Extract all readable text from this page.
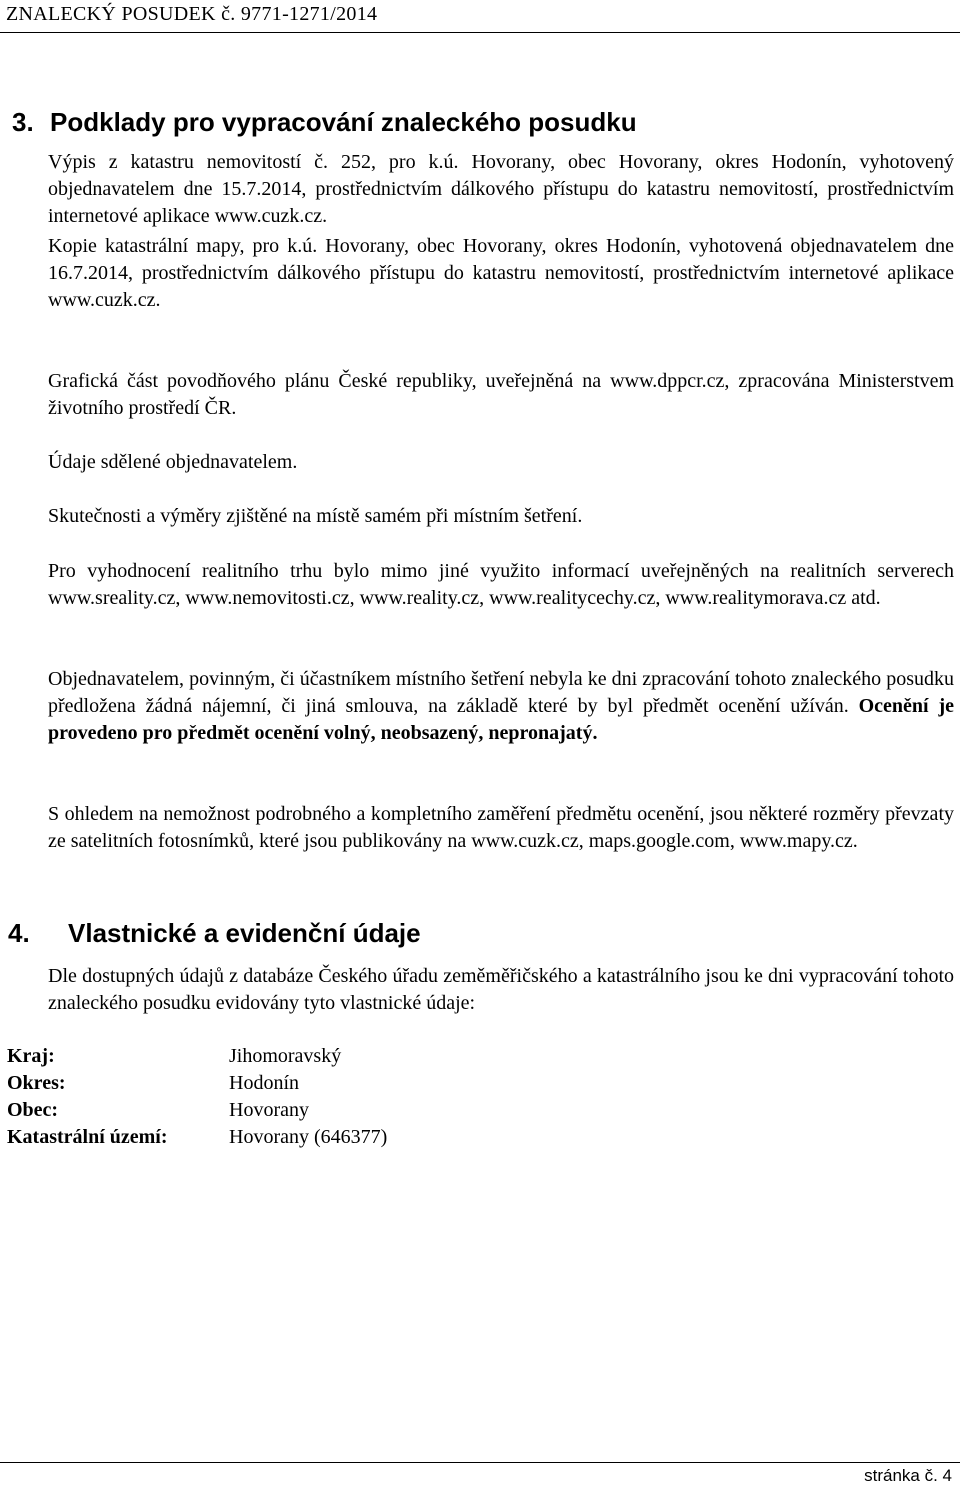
ZNALECKÝ POSUDEK č. 9771-1271/2014
3. Podklady pro vypracování znaleckého posudku

Výpis z katastru nemovitostí č. 252, pro k.ú. Hovorany, obec Hovorany, okres Hodonín, vyhotovený objednavatelem dne 15.7.2014, prostřednictvím dálkového přístupu do katastru nemovitostí, prostřednictvím internetové aplikace www.cuzk.cz.

Kopie katastrální mapy, pro k.ú. Hovorany, obec Hovorany, okres Hodonín, vyhotovená objednavatelem dne 16.7.2014, prostřednictvím dálkového přístupu do katastru nemovitostí, prostřednictvím internetové aplikace www.cuzk.cz.

Grafická část povodňového plánu České republiky, uveřejněná na www.dppcr.cz, zpracována Ministerstvem životního prostředí ČR.

Údaje sdělené objednavatelem.

Skutečnosti a výměry zjištěné na místě samém při místním šetření.

Pro vyhodnocení realitního trhu bylo mimo jiné využito informací uveřejněných na realitních serverech www.sreality.cz, www.nemovitosti.cz, www.reality.cz, www.realitycechy.cz, www.realitymorava.cz atd.

Objednavatelem, povinným, či účastníkem místního šetření nebyla ke dni zpracování tohoto znaleckého posudku předložena žádná nájemní, či jiná smlouva, na základě které by byl předmět ocenění užíván. Ocenění je provedeno pro předmět ocenění volný, neobsazený, nepronajatý.

S ohledem na nemožnost podrobného a kompletního zaměření předmětu ocenění, jsou některé rozměry převzaty ze satelitních fotosnímků, které jsou publikovány na www.cuzk.cz, maps.google.com, www.mapy.cz.

4. Vlastnické a evidenční údaje

Dle dostupných údajů z databáze Českého úřadu zeměměřičského a katastrálního jsou ke dni vypracování tohoto znaleckého posudku evidovány tyto vlastnické údaje:

Kraj:	Jihomoravský
Okres:	Hodonín
Obec:	Hovorany
Katastrální území:	Hovorany (646377)
stránka č. 4
